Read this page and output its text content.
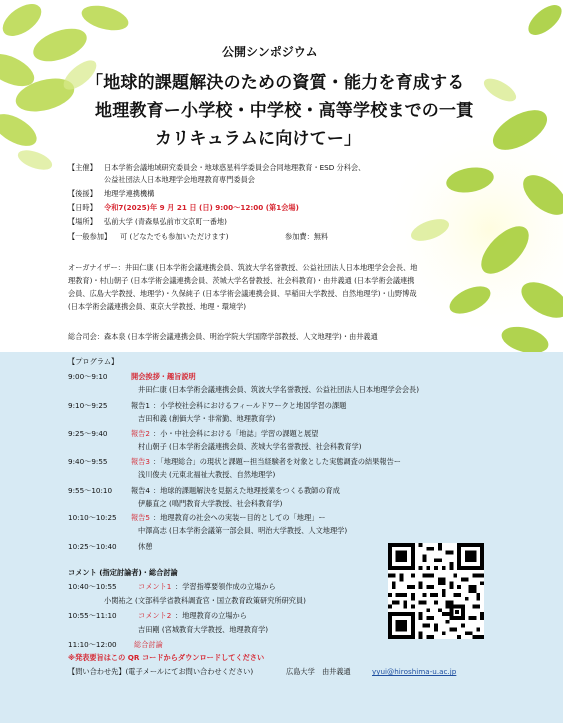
公開シンポジウム
「地球的課題解決のための資質・能力を育成する
地理教育ー小学校・中学校・高等学校までの一貫
カリキュラムに向けてー」
【主催】 日本学術会議地域研究委員会・地球惑星科学委員会合同地理教育・ESD 分科会、
公益社団法人日本地理学会地理教育専門委員会
【後援】 地理学連携機構
【日時】 令和7(2025)年 9 月 21 日 (日) 9:00～12:00 (第1会場)
【場所】 弘前大学 (青森県弘前市文京町一番地)
【一般参加】 可 (どなたでも参加いただけます)	参加費：無料
オーガナイザー：井田仁康 (日本学術会議連携会員、筑波大学名誉教授、公益社団法人日本地理学会会長、地
理教育)・村山朝子 (日本学術会議連携会員、茨城大学名誉教授、社会科教育)・由井義通 (日本学術会議連携
会員、広島大学教授、地理学)・久保純子 (日本学術会議連携会員、早稲田大学教授、自然地理学)・山野博哉
(日本学術会議連携会員、東京大学教授、地理・環境学)
総合司会：森本泉 (日本学術会議連携会員、明治学院大学国際学部教授、人文地理学)・由井義通
【プログラム】
9:00～9:10	開会挨拶・趣旨説明
井田仁康 (日本学術会議連携会員、筑波大学名誉教授、公益社団法人日本地理学会会長)
9:10～9:25	報告1 ：小学校社会科におけるフィールドワークと地図学習の課題
吉田和義 (創価大学・非常勤、地理教育学)
9:25～9:40	報告2 ：小・中社会科における「地誌」学習の課題と展望
村山朝子 (日本学術会議連携会員、茨城大学名誉教授、社会科教育学)
9:40～9:55	報告3 ：「地理総合」の現状と課題ー担当経験者を対象とした実態調査の結果報告ー
浅川俊夫 (元東北福祉大教授、自然地理学)
9:55～10:10	報告4 ：地球的課題解決を見据えた地理授業をつくる教師の育成
伊藤直之 (鳴門教育大学教授、社会科教育学)
10:10～10:25 報告5 ：地理教育の社会への実装ー目的としての「地理」ー
中澤高志 (日本学術会議第一部会員、明治大学教授、人文地理学)
10:25～10:40	休憩
コメント (指定討論者)・総合討論
10:40～10:55	コメント1 ：学習指導要領作成の立場から
小関祐之 (文部科学省教科調査官・国立教育政策研究所研究員)
10:55～11:10	コメント2 ：地理教育の立場から
吉田剛 (宮城教育大学教授、地理教育学)
11:10～12:00 総合討論
※発表要旨はこの QR コードからダウンロードしてください
【問い合わせ先】(電子メールにてお問い合わせください)	広島大学　由井義通	yyui@hiroshima-u.ac.jp
